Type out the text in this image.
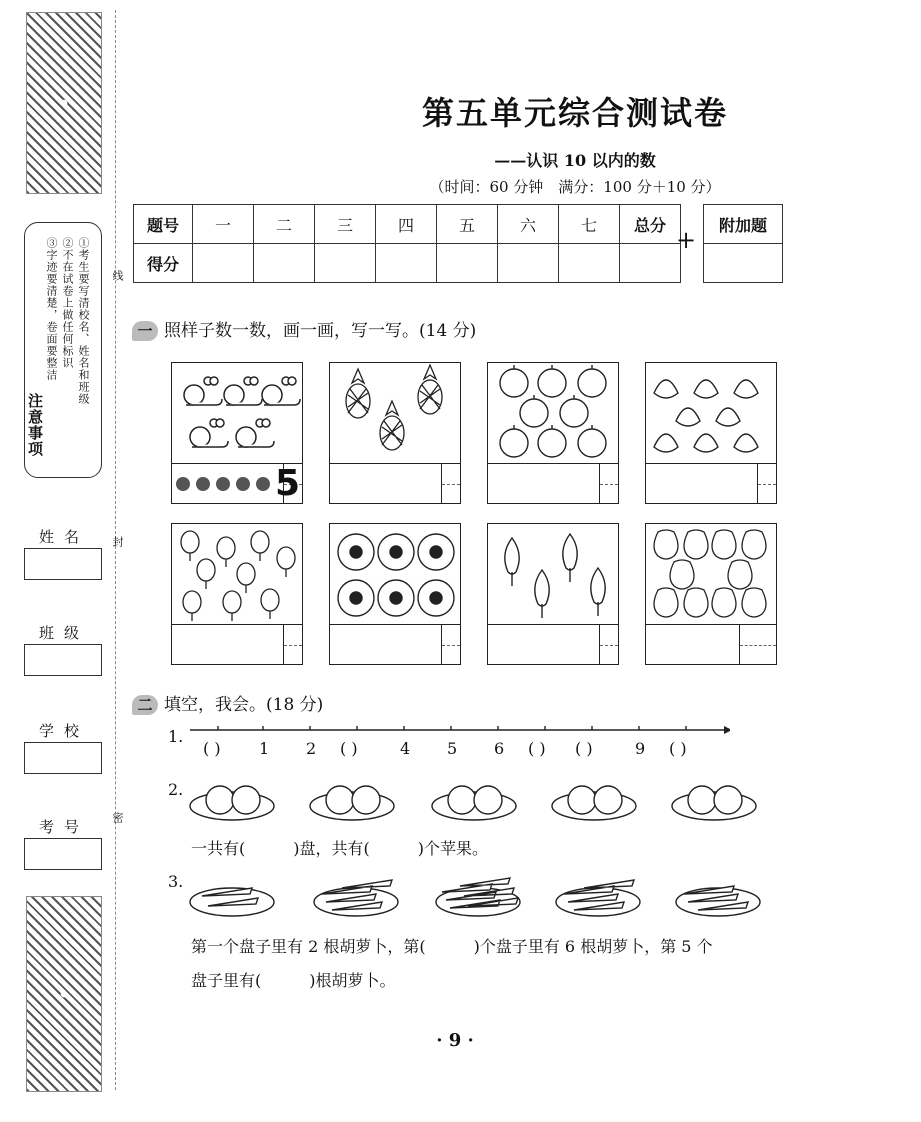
①考生要写清校名、姓名和班级
②不在试卷上做任何标识
③字迹要清楚，卷面要整洁
注意事项
线
封
密
姓名
班级
学校
考号
第五单元综合测试卷
——认识 10 以内的数
（时间：60 分钟　满分：100 分＋10 分）
题号	一	二	三	四	五	六	七	总分
得分								
+
附加题

一 照样子数一数，画一画，写一写。(14 分)
5
二 填空，我会。(18 分)
1.
( ) 1 2 ( )	4 5 6 ( ) ( )	9 ( )
2.
一共有(　　　)盘，共有(　　　)个苹果。
3.
第一个盘子里有 2 根胡萝卜，第(　　　)个盘子里有 6 根胡萝卜，第 5 个
盘子里有(　　　)根胡萝卜。
· 9 ·
